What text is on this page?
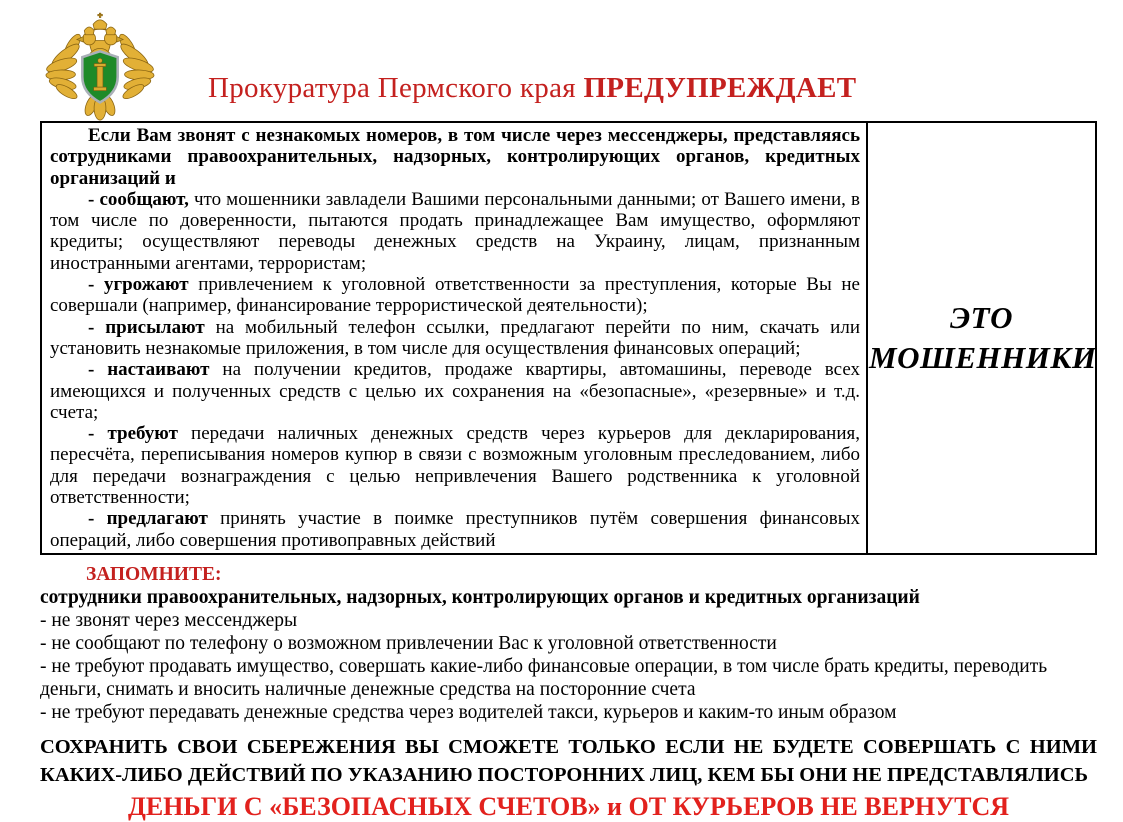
Прокуратура Пермского края ПРЕДУПРЕЖДАЕТ

Если Вам звонят с незнакомых номеров, в том числе через мессенджеры, представляясь сотрудниками правоохранительных, надзорных, контролирующих органов, кредитных организаций и

- сообщают, что мошенники завладели Вашими персональными данными; от Вашего имени, в том числе по доверенности, пытаются продать принадлежащее Вам имущество, оформляют кредиты; осуществляют переводы денежных средств на Украину, лицам, признанным иностранными агентами, террористам;

- угрожают привлечением к уголовной ответственности за преступления, которые Вы не совершали (например, финансирование террористической деятельности);

- присылают на мобильный телефон ссылки, предлагают перейти по ним, скачать или установить незнакомые приложения, в том числе для осуществления финансовых операций;

- настаивают на получении кредитов, продаже квартиры, автомашины, переводе всех имеющихся и полученных средств с целью их сохранения на «безопасные», «резервные» и т.д. счета;

- требуют передачи наличных денежных средств через курьеров для декларирования, пересчёта, переписывания номеров купюр в связи с возможным уголовным преследованием, либо для передачи вознаграждения с целью непривлечения Вашего родственника к уголовной ответственности;

- предлагают принять участие в поимке преступников путём совершения финансовых операций, либо совершения противоправных действий

ЭТО
МОШЕННИКИ

ЗАПОМНИТЕ:

сотрудники правоохранительных, надзорных, контролирующих органов и кредитных организаций

- не звонят через мессенджеры

- не сообщают по телефону о возможном привлечении Вас к уголовной ответственности

- не требуют продавать имущество, совершать какие-либо финансовые операции, в том числе брать кредиты, переводить деньги, снимать и вносить наличные денежные средства на посторонние счета

- не требуют передавать денежные средства через водителей такси, курьеров и каким-то иным образом

СОХРАНИТЬ СВОИ СБЕРЕЖЕНИЯ ВЫ СМОЖЕТЕ ТОЛЬКО ЕСЛИ НЕ БУДЕТЕ СОВЕРШАТЬ С НИМИ КАКИХ-ЛИБО ДЕЙСТВИЙ ПО УКАЗАНИЮ ПОСТОРОННИХ ЛИЦ, КЕМ БЫ ОНИ НЕ ПРЕДСТАВЛЯЛИСЬ

ДЕНЬГИ С «БЕЗОПАСНЫХ СЧЕТОВ» и ОТ КУРЬЕРОВ НЕ ВЕРНУТСЯ
